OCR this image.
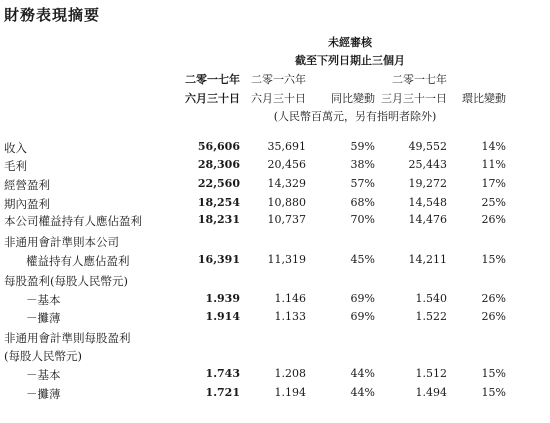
財務表現摘要
未經審核
截至下列日期止三個月
二零一七年
六月三十日
二零一六年
六月三十日	同比變動
二零一七年
三月三十一日	環比變動
(人民幣百萬元，另有指明者除外)
收入	56,606	35,691	59%	49,552	14%
毛利	28,306	20,456	38%	25,443	11%
經營盈利	22,560	14,329	57%	19,272	17%
期內盈利	18,254	10,880	68%	14,548	25%
本公司權益持有人應佔盈利	18,231	10,737	70%	14,476	26%
非通用會計準則本公司
權益持有人應佔盈利	16,391	11,319	45%	14,211	15%
每股盈利(每股人民幣元)
－基本	1.939	1.146	69%	1.540	26%
－攤薄	1.914	1.133	69%	1.522	26%
非通用會計準則每股盈利
(每股人民幣元)
－基本	1.743	1.208	44%	1.512	15%
－攤薄	1.721	1.194	44%	1.494	15%
